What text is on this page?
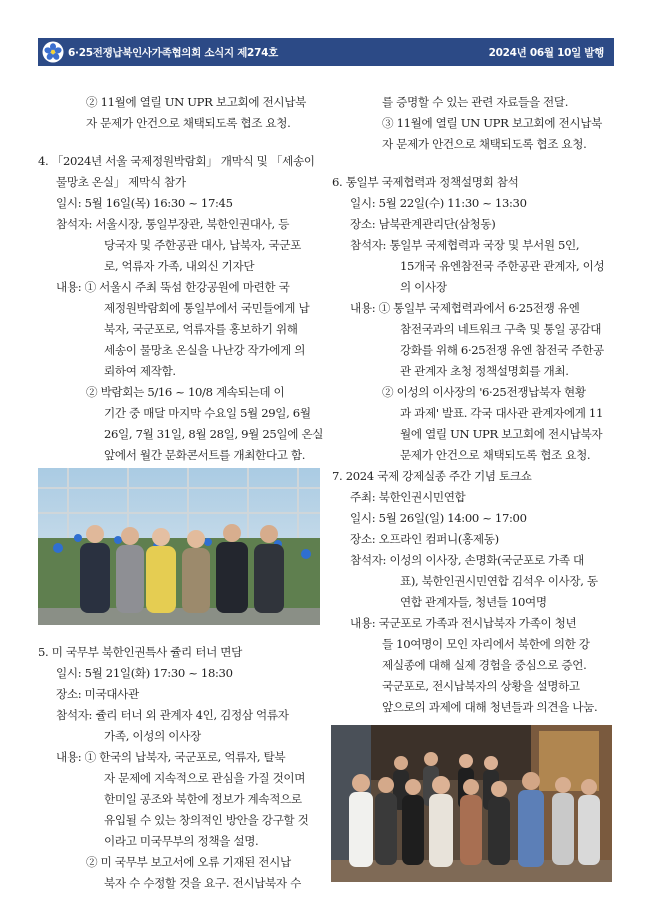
6·25전쟁납북인사가족협의회 소식지 제274호	2024년 06월 10일 발행
② 11월에 열릴 UN UPR 보고회에 전시납북
자 문제가 안건으로 채택되도록 협조 요청.
4. 「2024년 서울 국제정원박람회」 개막식 및 「세송이
물망초 온실」 제막식 참가
일시: 5월 16일(목) 16:30 ~ 17:45
참석자: 서울시장, 통일부장관, 북한인권대사, 등
당국자 및 주한공관 대사, 납북자, 국군포
로, 억류자 가족, 내외신 기자단
내용: ① 서울시 주최 뚝섬 한강공원에 마련한 국
제정원박람회에 통일부에서 국민들에게 납
북자, 국군포로, 억류자를 홍보하기 위해
세송이 물망초 온실을 나난강 작가에게 의
뢰하여 제작함.
② 박람회는 5/16 ~ 10/8 계속되는데 이
기간 중 매달 마지막 수요일 5월 29일, 6월
26일, 7월 31일, 8월 28일, 9월 25일에 온실
앞에서 월간 문화콘서트를 개최한다고 함.
5. 미 국무부 북한인권특사 쥴리 터너 면담
일시: 5월 21일(화) 17:30 ~ 18:30
장소: 미국대사관
참석자: 쥴리 터너 외 관계자 4인, 김정삼 억류자
가족, 이성의 이사장
내용: ① 한국의 납북자, 국군포로, 억류자, 탈북
자 문제에 지속적으로 관심을 가질 것이며
한미일 공조와 북한에 정보가 계속적으로
유입될 수 있는 창의적인 방안을 강구할 것
이라고 미국무부의 정책을 설명.
② 미 국무부 보고서에 오류 기재된 전시납
북자 수 수정할 것을 요구. 전시납북자 수
를 증명할 수 있는 관련 자료들을 전달.
③ 11월에 열릴 UN UPR 보고회에 전시납북
자 문제가 안건으로 채택되도록 협조 요청.
6. 통일부 국제협력과 정책설명회 참석
일시: 5월 22일(수) 11:30 ~ 13:30
장소: 남북관계관리단(삼청동)
참석자: 통일부 국제협력과 국장 및 부서원 5인,
15개국 유엔참전국 주한공관 관계자, 이성
의 이사장
내용: ① 통일부 국제협력과에서 6·25전쟁 유엔
참전국과의 네트워크 구축 및 통일 공감대
강화를 위해 6·25전쟁 유엔 참전국 주한공
관 관계자 초청 정책설명회를 개최.
② 이성의 이사장의 '6·25전쟁납북자 현황
과 과제' 발표. 각국 대사관 관계자에게 11
월에 열릴 UN UPR 보고회에 전시납북자
문제가 안건으로 채택되도록 협조 요청.
7. 2024 국제 강제실종 주간 기념 토크쇼
주최: 북한인권시민연합
일시: 5월 26일(일) 14:00 ~ 17:00
장소: 오프라인 컴퍼니(홍제동)
참석자: 이성의 이사장, 손명화(국군포로 가족 대
표), 북한인권시민연합 김석우 이사장, 동
연합 관계자들, 청년들 10여명
내용: 국군포로 가족과 전시납북자 가족이 청년
들 10여명이 모인 자리에서 북한에 의한 강
제실종에 대해 실제 경험을 중심으로 증언.
국군포로, 전시납북자의 상황을 설명하고
앞으로의 과제에 대해 청년들과 의견을 나눔.
